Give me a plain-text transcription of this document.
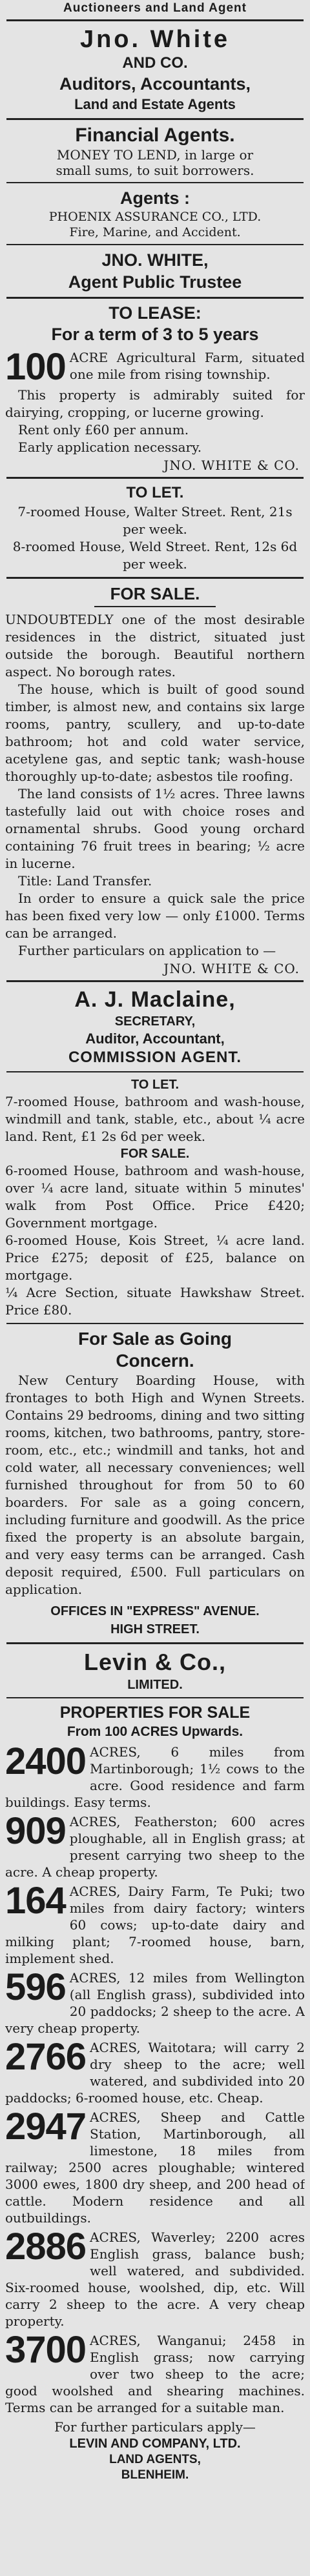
Auctioneers and Land Agent

Jno. White

AND CO.

Auditors, Accountants,

Land and Estate Agents

Financial Agents.

MONEY TO LEND, in large or

small sums, to suit borrowers.

Agents :

PHOENIX ASSURANCE CO., LTD.

Fire, Marine, and Accident.

JNO. WHITE,

Agent Public Trustee

TO LEASE:
For a term of 3 to 5 years
100 ACRE Agricultural Farm, situated one mile from rising township.

This property is admirably suited for dairying, cropping, or lucerne growing.

Rent only £60 per annum.

Early application necessary.

JNO. WHITE & CO.

TO LET.

7-roomed House, Walter Street. Rent, 21s per week.

8-roomed House, Weld Street. Rent, 12s 6d per week.

FOR SALE.

UNDOUBTEDLY one of the most desirable residences in the district, situated just outside the borough. Beautiful northern aspect. No borough rates.

The house, which is built of good sound timber, is almost new, and contains six large rooms, pantry, scullery, and up-to-date bathroom; hot and cold water service, acetylene gas, and septic tank; wash-house thoroughly up-to-date; asbestos tile roofing.

The land consists of 1½ acres. Three lawns tastefully laid out with choice roses and ornamental shrubs. Good young orchard containing 76 fruit trees in bearing; ½ acre in lucerne.

Title: Land Transfer.

In order to ensure a quick sale the price has been fixed very low — only £1000. Terms can be arranged.

Further particulars on application to —

JNO. WHITE & CO.

A. J. Maclaine,

SECRETARY,

Auditor, Accountant,

COMMISSION AGENT.

TO LET.

7-roomed House, bathroom and wash-house, windmill and tank, stable, etc., about ¼ acre land. Rent, £1 2s 6d per week.

FOR SALE.

6-roomed House, bathroom and wash-house, over ¼ acre land, situate within 5 minutes' walk from Post Office. Price £420; Government mortgage.

6-roomed House, Kois Street, ¼ acre land. Price £275; deposit of £25, balance on mortgage.

¼ Acre Section, situate Hawkshaw Street. Price £80.

For Sale as Going
Concern.

New Century Boarding House, with frontages to both High and Wynen Streets. Contains 29 bedrooms, dining and two sitting rooms, kitchen, two bathrooms, pantry, store-room, etc., etc.; windmill and tanks, hot and cold water, all necessary conveniences; well furnished throughout for from 50 to 60 boarders. For sale as a going concern, including furniture and goodwill. As the price fixed the property is an absolute bargain, and very easy terms can be arranged. Cash deposit required, £500. Full particulars on application.

OFFICES IN "EXPRESS" AVENUE.

HIGH STREET.

Levin & Co.,

LIMITED.

PROPERTIES FOR SALE
From 100 ACRES Upwards.
2400 ACRES, 6 miles from Martinborough; 1½ cows to the acre. Good residence and farm buildings. Easy terms.

909 ACRES, Featherston; 600 acres ploughable, all in English grass; at present carrying two sheep to the acre. A cheap property.

164 ACRES, Dairy Farm, Te Puki; two miles from dairy factory; winters 60 cows; up-to-date dairy and milking plant; 7-roomed house, barn, implement shed.

596 ACRES, 12 miles from Wellington (all English grass), subdivided into 20 paddocks; 2 sheep to the acre. A very cheap property.

2766 ACRES, Waitotara; will carry 2 dry sheep to the acre; well watered, and subdivided into 20 paddocks; 6-roomed house, etc. Cheap.

2947 ACRES, Sheep and Cattle Station, Martinborough, all limestone, 18 miles from railway; 2500 acres ploughable; wintered 3000 ewes, 1800 dry sheep, and 200 head of cattle. Modern residence and all outbuildings.

2886 ACRES, Waverley; 2200 acres English grass, balance bush; well watered, and subdivided. Six-roomed house, woolshed, dip, etc. Will carry 2 sheep to the acre. A very cheap property.

3700 ACRES, Wanganui; 2458 in English grass; now carrying over two sheep to the acre; good woolshed and shearing machines. Terms can be arranged for a suitable man.

For further particulars apply—

LEVIN AND COMPANY, LTD.

LAND AGENTS,

BLENHEIM.
